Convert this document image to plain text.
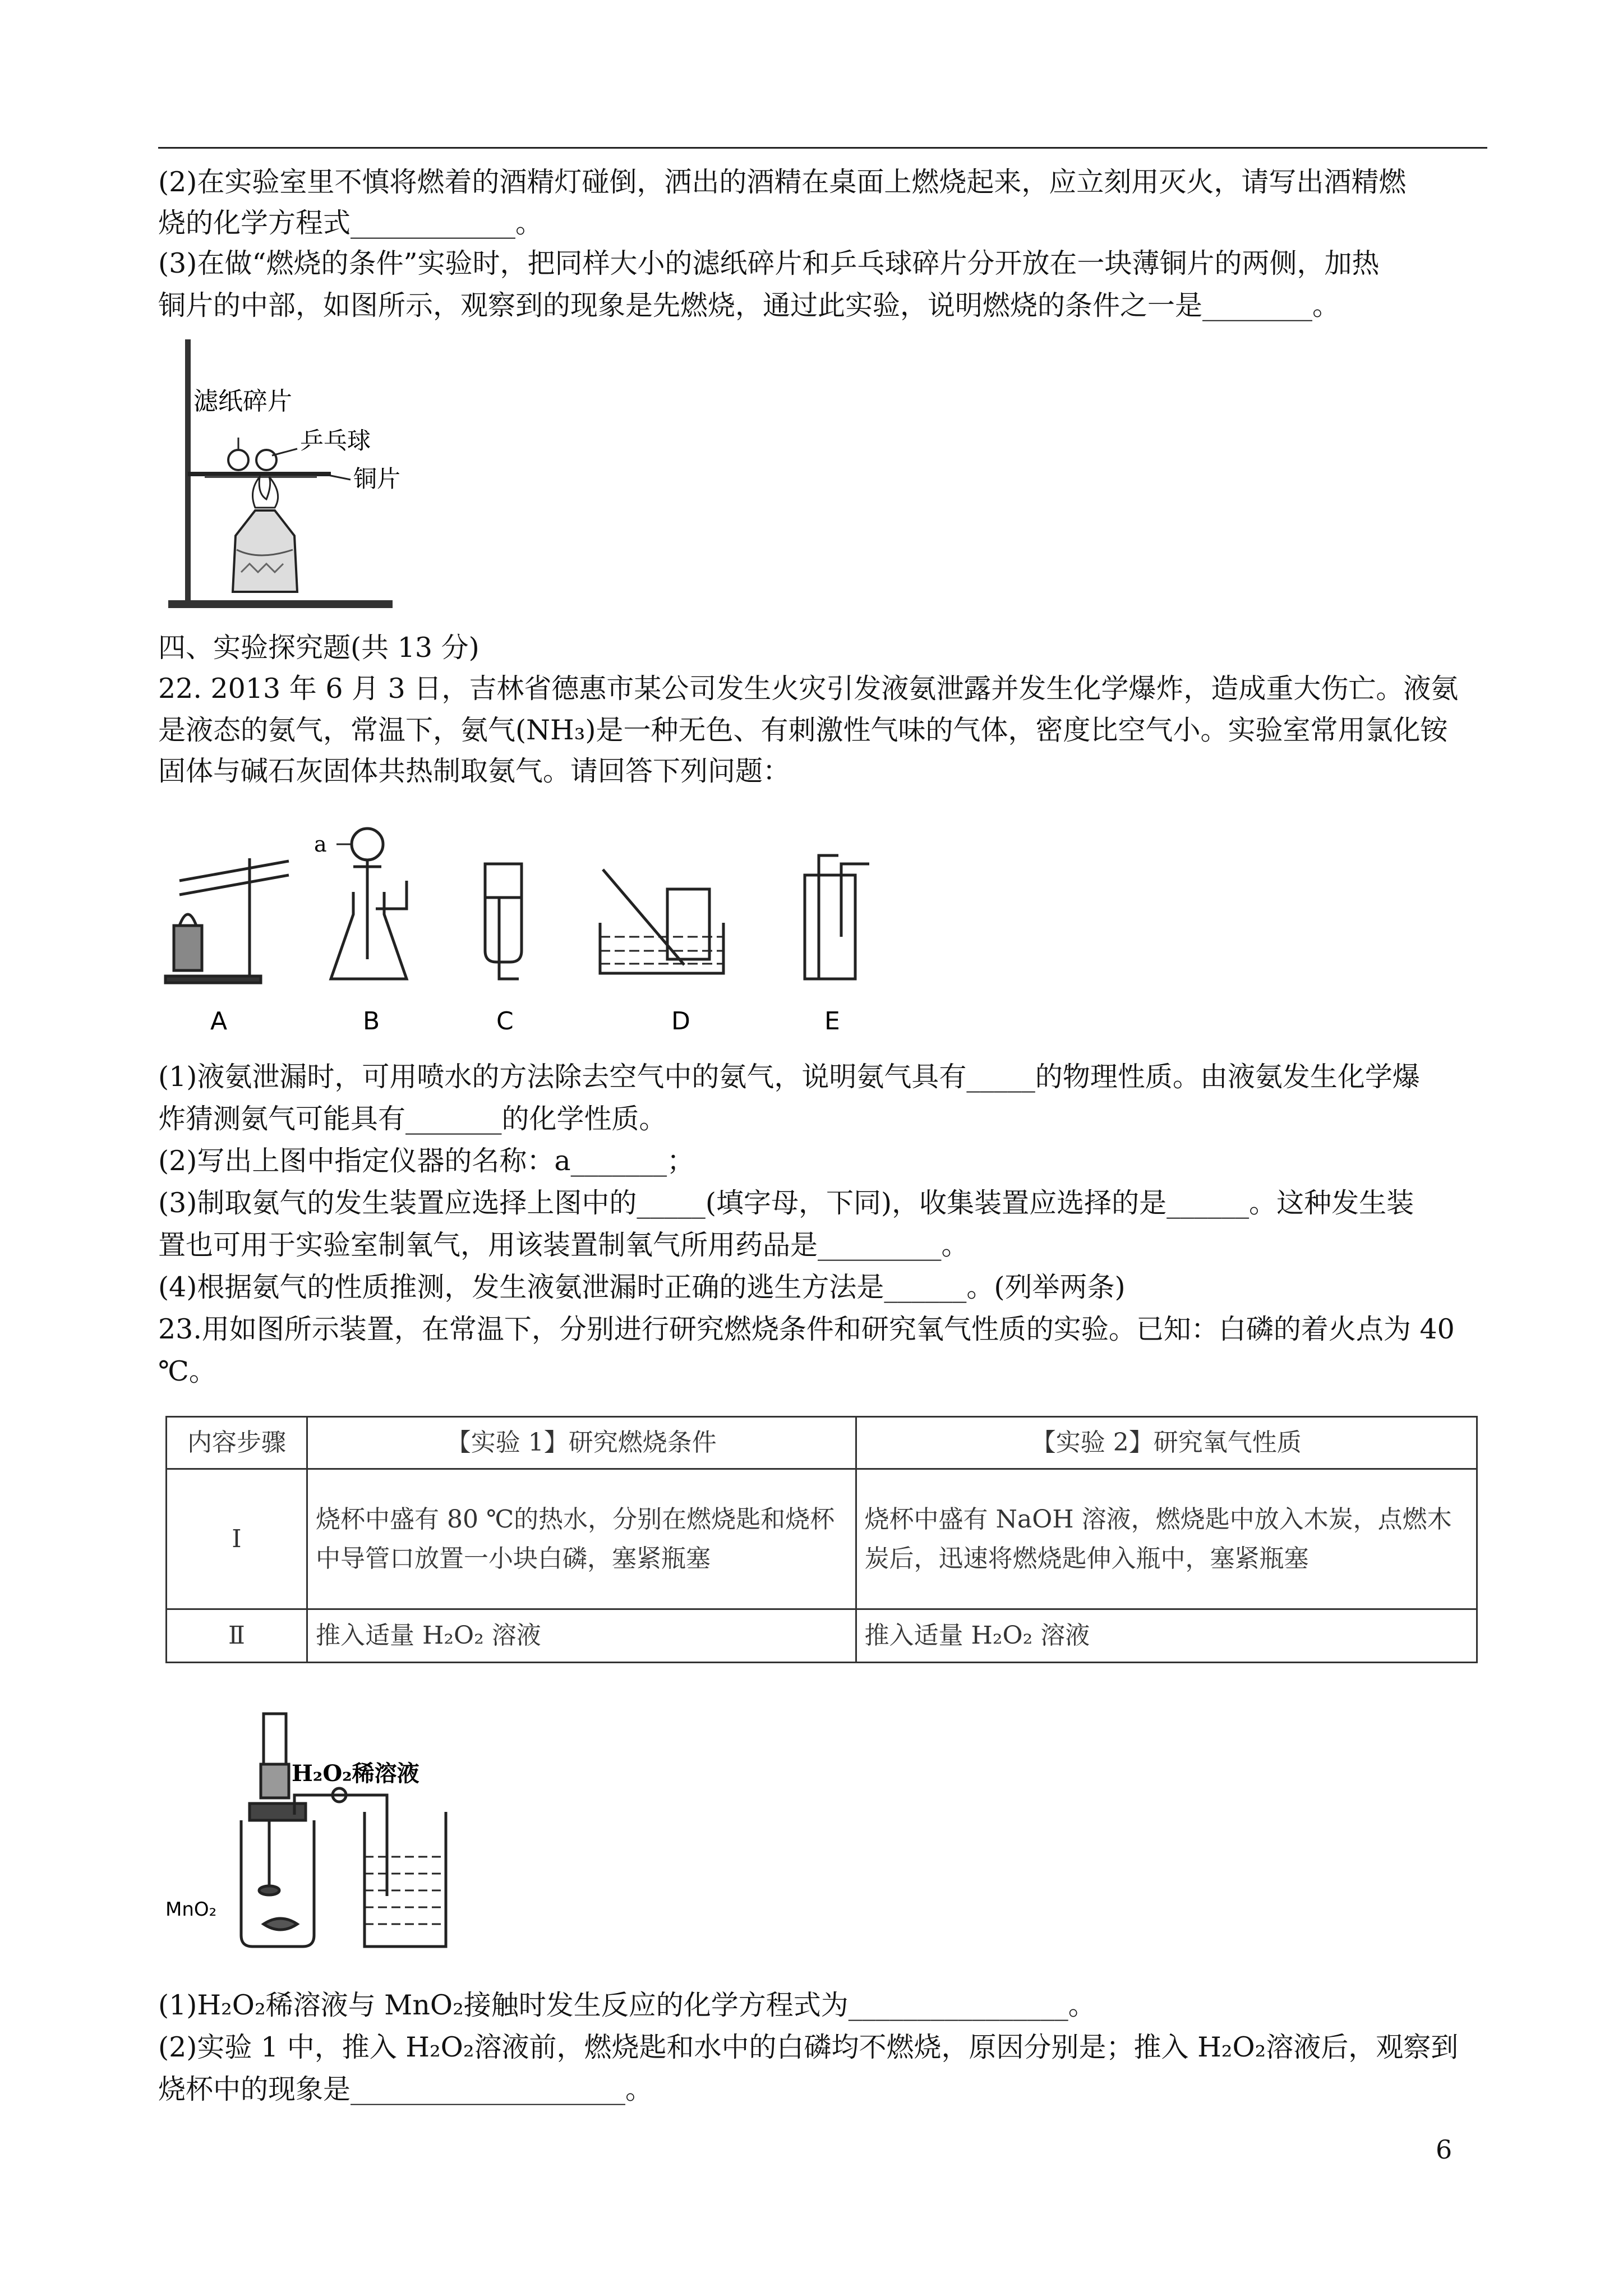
(2)在实验室里不慎将燃着的酒精灯碰倒，洒出的酒精在桌面上燃烧起来，应立刻用灭火，请写出酒精燃

烧的化学方程式____________。

(3)在做“燃烧的条件”实验时，把同样大小的滤纸碎片和乒乓球碎片分开放在一块薄铜片的两侧，加热

铜片的中部，如图所示，观察到的现象是先燃烧，通过此实验，说明燃烧的条件之一是________。

滤纸碎片
乒乓球
铜片

四、实验探究题(共 13 分)

22. 2013 年 6 月 3 日，吉林省德惠市某公司发生火灾引发液氨泄露并发生化学爆炸，造成重大伤亡。液氨

是液态的氨气，常温下，氨气(NH₃)是一种无色、有刺激性气味的气体，密度比空气小。实验室常用氯化铵

固体与碱石灰固体共热制取氨气。请回答下列问题：

a
A	B	C	D	E

(1)液氨泄漏时，可用喷水的方法除去空气中的氨气，说明氨气具有_____的物理性质。由液氨发生化学爆

炸猜测氨气可能具有_______的化学性质。

(2)写出上图中指定仪器的名称：a_______；

(3)制取氨气的发生装置应选择上图中的_____(填字母，下同)，收集装置应选择的是______。这种发生装

置也可用于实验室制氧气，用该装置制氧气所用药品是_________。

(4)根据氨气的性质推测，发生液氨泄漏时正确的逃生方法是______。(列举两条)

23.用如图所示装置，在常温下，分别进行研究燃烧条件和研究氧气性质的实验。已知：白磷的着火点为 40

℃。

内容步骤	【实验 1】研究燃烧条件	【实验 2】研究氧气性质
Ⅰ	烧杯中盛有 80 ℃的热水，分别在燃烧匙和烧杯中导管口放置一小块白磷，塞紧瓶塞	烧杯中盛有 NaOH 溶液，燃烧匙中放入木炭，点燃木炭后，迅速将燃烧匙伸入瓶中，塞紧瓶塞
Ⅱ	推入适量 H₂O₂ 溶液	推入适量 H₂O₂ 溶液
H₂O₂稀溶液
MnO₂

(1)H₂O₂稀溶液与 MnO₂接触时发生反应的化学方程式为________________。

(2)实验 1 中，推入 H₂O₂溶液前，燃烧匙和水中的白磷均不燃烧，原因分别是；推入 H₂O₂溶液后，观察到

烧杯中的现象是____________________。

6
